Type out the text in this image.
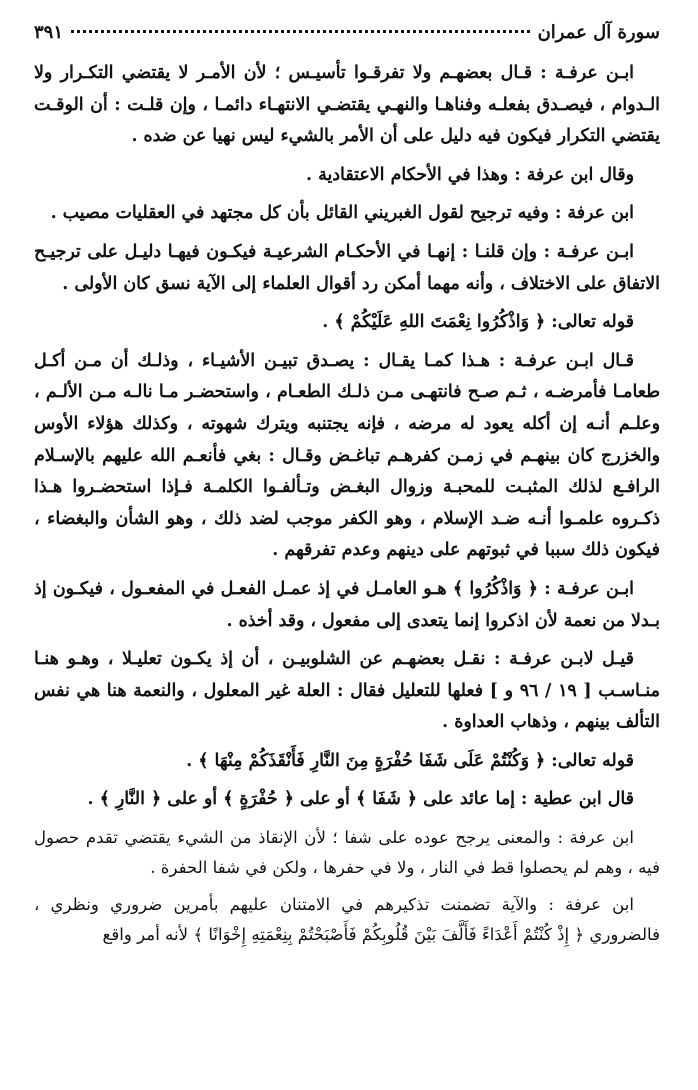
سورة آل عمران
٣٩١

ابـن عرفـة : قـال بعضهـم ولا تفرقـوا تأسيـس ؛ لأن الأمـر لا يقتضي التكـرار ولا الـدوام ، فيصـدق بفعلـه وفناهـا والنهـي يقتضـي الانتهـاء دائمـا ، وإن قلـت : أن الوقـت يقتضي التكرار فيكون فيه دليل على أن الأمر بالشيء ليس نهيا عن ضده .

وقال ابن عرفة : وهذا في الأحكام الاعتقادية .

ابن عرفة : وفيه ترجيح لقول الغبريني القائل بأن كل مجتهد في العقليات مصيب .

ابـن عرفـة : وإن قلنـا : إنهـا في الأحكـام الشرعيـة فيكـون فيهـا دليـل على ترجيـح الاتفاق على الاختلاف ، وأنه مهما أمكن رد أقوال العلماء إلى الآية نسق كان الأولى .

قوله تعالى: ﴿ وَاذْكُرُوا نِعْمَتَ اللهِ عَلَيْكُمْ ﴾ .

قـال ابـن عرفـة : هـذا كمـا يقـال : يصـدق تبيـن الأشيـاء ، وذلـك أن مـن أكـل طعامـا فأمرضـه ، ثـم صـح فانتهـى مـن ذلـك الطعـام ، واستحضـر مـا نالـه مـن الألـم ، وعلـم أنـه إن أكله يعود له مرضه ، فإنه يجتنبه ويترك شهوته ، وكذلك هؤلاء الأوس والخزرج كان بينهـم في زمـن كفرهـم تباغـض وقـال : بغي فأنعـم الله عليهم بالإسـلام الرافـع لذلك المثبـت للمحبـة وزوال البغـض وتـألفـوا الكلمـة فـإذا استحضـروا هـذا ذكـروه علمـوا أنـه ضـد الإسلام ، وهو الكفر موجب لضد ذلك ، وهو الشأن والبغضاء ، فيكون ذلك سببا في ثبوتهم على دينهم وعدم تفرقهم .

ابـن عرفـة : ﴿ وَاذْكُرُوا ﴾ هـو العامـل في إذ عمـل الفعـل في المفعـول ، فيكـون إذ بـدلا من نعمة لأن اذكروا إنما يتعدى إلى مفعول ، وقد أخذه .

قيـل لابـن عرفـة : نقـل بعضهـم عن الشلوبيـن ، أن إذ يكـون تعليـلا ، وهـو هنـا منـاسـب [ ١٩ / ٩٦ و ] فعلها للتعليل فقال : العلة غير المعلول ، والنعمة هنا هي نفس التألف بينهم ، وذهاب العداوة .

قوله تعالى: ﴿ وَكُنْتُمْ عَلَى شَفَا حُفْرَةٍ مِنَ النَّارِ فَأَنْقَذَكُمْ مِنْهَا ﴾ .

قال ابن عطية : إما عائد على ﴿ شَفَا ﴾ أو على ﴿ حُفْرَةٍ ﴾ أو على ﴿ النَّارِ ﴾ .

ابن عرفة : والمعنى يرجح عوده على شفا ؛ لأن الإنقاذ من الشيء يقتضي تقدم حصول فيه ، وهم لم يحصلوا قط في النار ، ولا في حفرها ، ولكن في شفا الحفرة .

ابن عرفة : والآية تضمنت تذكيرهم في الامتنان عليهم بأمرين ضروري ونظري ، فالضروري ﴿ إِذْ كُنْتُمْ أَعْدَاءً فَأَلَّفَ بَيْنَ قُلُوبِكُمْ فَأَصْبَحْتُمْ بِنِعْمَتِهِ إِخْوَانًا ﴾ لأنه أمر واقع
